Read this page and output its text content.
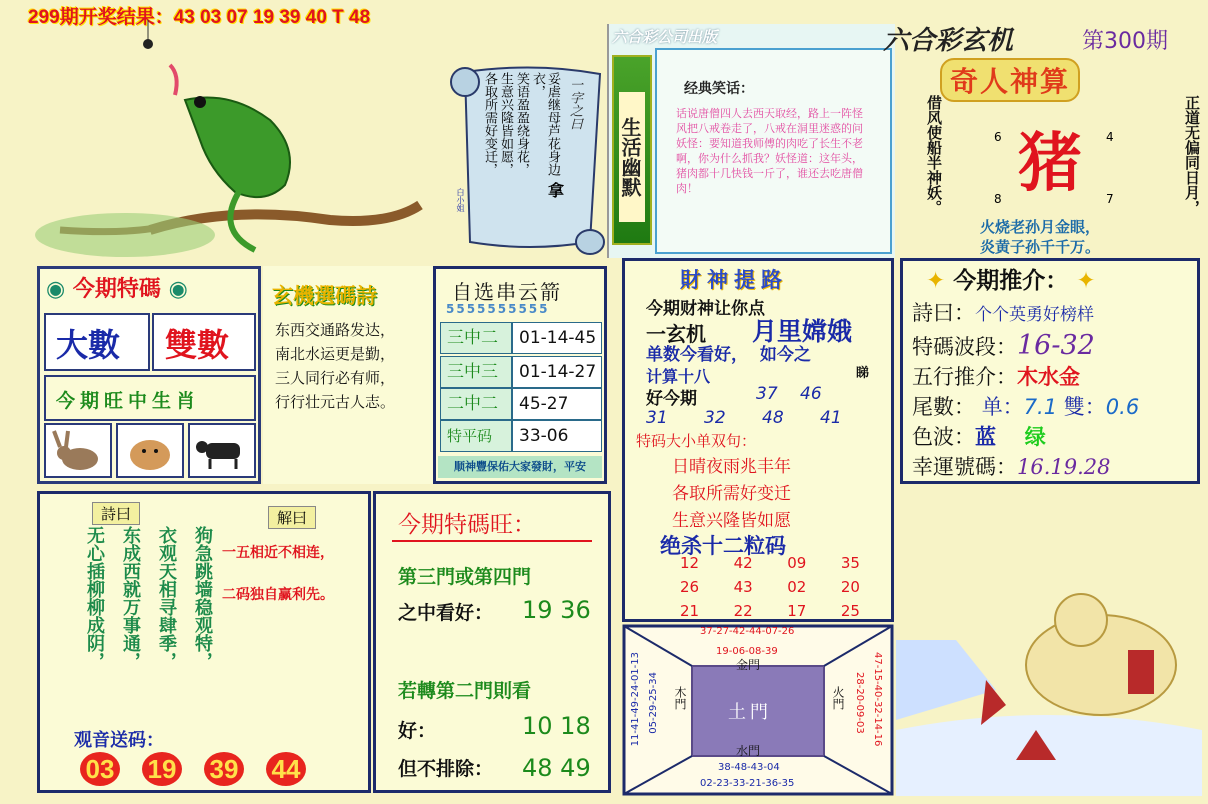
299期开奖结果：43 03 07 19 39 40 T 48
妥虐继母芦花身边衣，
笑语盈盈绕身花，
生意兴隆皆如愿，
各取所需好变迁，	一字之曰
拿
白小姐
六合彩公司出版
生活幽默
经典笑话：
话说唐僧四人去西天取经，路上一阵怪风把八戒卷走了，八戒在洞里迷惑的问妖怪：要知道我师傅的肉吃了长生不老啊，你为什么抓我？妖怪道：这年头，猪肉都十几快钱一斤了，谁还去吃唐僧肉！
六合彩玄机	第300期
奇人神算
借风使船半神妖。	正道无偏同日月，
猪
6	4
8	7
火烧老孙月金眼，
炎黄子孙千千万。
◉ 今期特碼 ◉
大數 雙數
今期旺中生肖
玄機選碼詩
东西交通路发达，
南北水运更是勤，
三人同行必有师，
行行壮元古人志。
自选串云箭
5555555555
三中二	01-14-45
三中三	01-14-27
二中二	45-27
特平码	33-06
顺神豐保佑大家發財，平安
財神提路
今期财神让你点
一玄机 月里嫦娥
单数今看好，  如今之
计算十八	睇
好今期	37 46
31 32 48 41
特码大小单双句：
日晴夜雨兆丰年
各取所需好变迁
生意兴隆皆如愿
绝杀十二粒码
12 42 09 35
26 43 02 20
21 22 17 25
✦ 今期推介： ✦
詩曰：个个英勇好榜样
特碼波段：16-32
五行推介：木水金
尾數： 单：7.1 雙：0.6
色波：蓝 绿
幸運號碼：16.19.28
詩曰	解曰
无心插柳柳成阴， 东成西就万事通， 衣观天相寻肆季， 狗急跳墙稳观特， 一五相近不相连，
二码独自赢利先。
观音送码：
03 19 39 44
今期特碼旺：
第三門或第四門
之中看好： 19 36
若轉第二門則看
好：	10 18
但不排除： 48 49
37-27-42-44-07-26
19-06-08-39
金門
11-41-49-24-01-13 05-29-25-34 木門
土門
火門	47-15-40-32-14-16
28-20-09-03
水門
38-48-43-04
02-23-33-21-36-35
